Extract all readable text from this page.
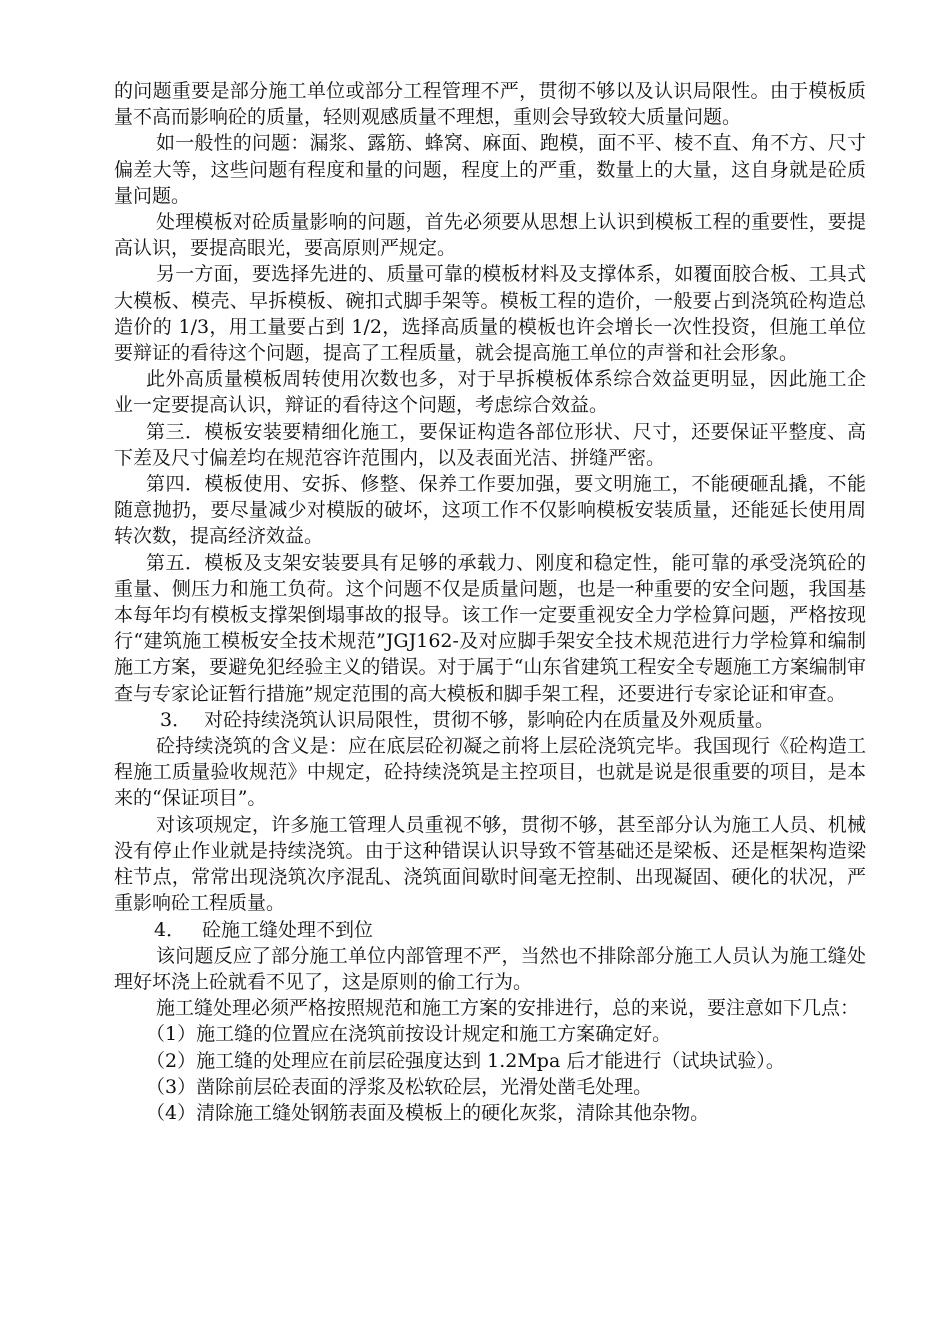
的问题重要是部分施工单位或部分工程管理不严，贯彻不够以及认识局限性。由于模板质量不高而影响砼的质量，轻则观感质量不理想，重则会导致较大质量问题。

如一般性的问题：漏浆、露筋、蜂窝、麻面、跑模，面不平、棱不直、角不方、尺寸偏差大等，这些问题有程度和量的问题，程度上的严重，数量上的大量，这自身就是砼质量问题。

处理模板对砼质量影响的问题，首先必须要从思想上认识到模板工程的重要性，要提高认识，要提高眼光，要高原则严规定。

另一方面，要选择先进的、质量可靠的模板材料及支撑体系，如覆面胶合板、工具式大模板、模壳、早拆模板、碗扣式脚手架等。模板工程的造价，一般要占到浇筑砼构造总造价的 1/3，用工量要占到 1/2，选择高质量的模板也许会增长一次性投资，但施工单位要辩证的看待这个问题，提高了工程质量，就会提高施工单位的声誉和社会形象。

此外高质量模板周转使用次数也多，对于早拆模板体系综合效益更明显，因此施工企业一定要提高认识，辩证的看待这个问题，考虑综合效益。

第三．模板安装要精细化施工，要保证构造各部位形状、尺寸，还要保证平整度、高下差及尺寸偏差均在规范容许范围内，以及表面光洁、拼缝严密。

第四．模板使用、安拆、修整、保养工作要加强，要文明施工，不能硬砸乱撬，不能随意抛扔，要尽量减少对模版的破坏，这项工作不仅影响模板安装质量，还能延长使用周转次数，提高经济效益。

第五．模板及支架安装要具有足够的承载力、刚度和稳定性，能可靠的承受浇筑砼的重量、侧压力和施工负荷。这个问题不仅是质量问题，也是一种重要的安全问题，我国基本每年均有模板支撑架倒塌事故的报导。该工作一定要重视安全力学检算问题，严格按现行“建筑施工模板安全技术规范”JGJ162-及对应脚手架安全技术规范进行力学检算和编制施工方案，要避免犯经验主义的错误。对于属于“山东省建筑工程安全专题施工方案编制审查与专家论证暂行措施”规定范围的高大模板和脚手架工程，还要进行专家论证和审查。

3． 对砼持续浇筑认识局限性，贯彻不够，影响砼内在质量及外观质量。

砼持续浇筑的含义是：应在底层砼初凝之前将上层砼浇筑完毕。我国现行《砼构造工程施工质量验收规范》中规定，砼持续浇筑是主控项目，也就是说是很重要的项目，是本来的“保证项目”。

对该项规定，许多施工管理人员重视不够，贯彻不够，甚至部分认为施工人员、机械没有停止作业就是持续浇筑。由于这种错误认识导致不管基础还是梁板、还是框架构造梁柱节点，常常出现浇筑次序混乱、浇筑面间歇时间毫无控制、出现凝固、硬化的状况，严重影响砼工程质量。

4． 砼施工缝处理不到位

该问题反应了部分施工单位内部管理不严，当然也不排除部分施工人员认为施工缝处理好坏浇上砼就看不见了，这是原则的偷工行为。

施工缝处理必须严格按照规范和施工方案的安排进行，总的来说，要注意如下几点：

（1）施工缝的位置应在浇筑前按设计规定和施工方案确定好。

（2）施工缝的处理应在前层砼强度达到 1.2Mpa 后才能进行（试块试验）。

（3）凿除前层砼表面的浮浆及松软砼层，光滑处凿毛处理。

（4）清除施工缝处钢筋表面及模板上的硬化灰浆，清除其他杂物。
